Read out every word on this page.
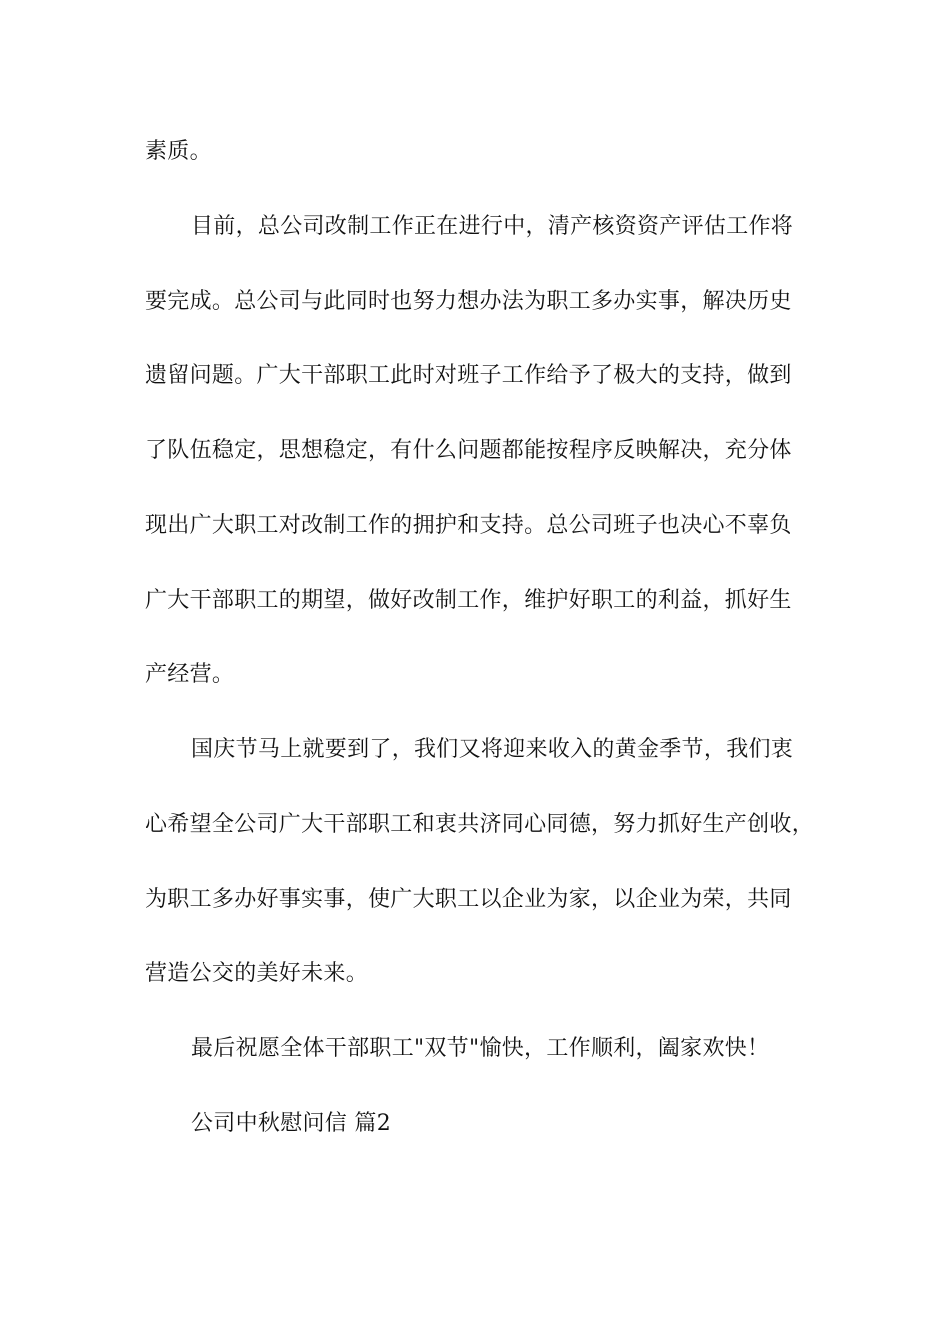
素质。
目前，总公司改制工作正在进行中，清产核资资产评估工作将
要完成。总公司与此同时也努力想办法为职工多办实事，解决历史
遗留问题。广大干部职工此时对班子工作给予了极大的支持，做到
了队伍稳定，思想稳定，有什么问题都能按程序反映解决，充分体
现出广大职工对改制工作的拥护和支持。总公司班子也决心不辜负
广大干部职工的期望，做好改制工作，维护好职工的利益，抓好生
产经营。
国庆节马上就要到了，我们又将迎来收入的黄金季节，我们衷
心希望全公司广大干部职工和衷共济同心同德，努力抓好生产创收，
为职工多办好事实事，使广大职工以企业为家，以企业为荣，共同
营造公交的美好未来。
最后祝愿全体干部职工"双节"愉快，工作顺利，阖家欢快！
公司中秋慰问信 篇2
